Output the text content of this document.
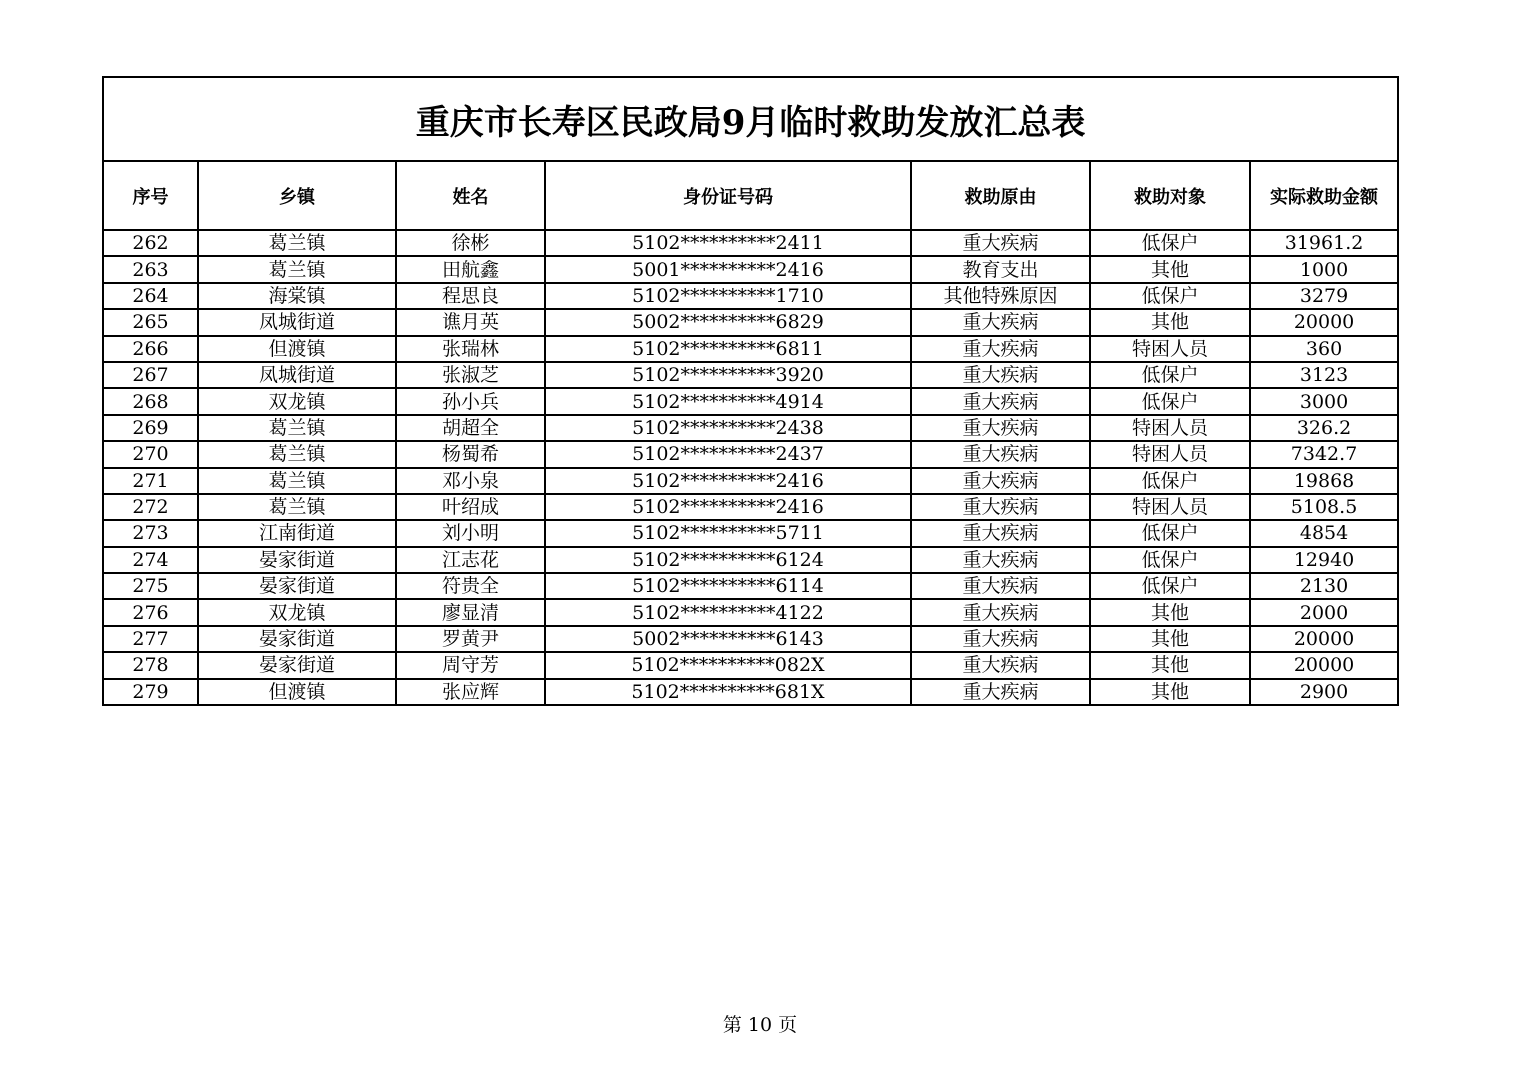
重庆市长寿区民政局9月临时救助发放汇总表						
序号	乡镇	姓名	身份证号码	救助原由	救助对象	实际救助金额
262	葛兰镇	徐彬	5102**********2411	重大疾病	低保户	31961.2
263	葛兰镇	田航鑫	5001**********2416	教育支出	其他	1000
264	海棠镇	程思良	5102**********1710	其他特殊原因	低保户	3279
265	凤城街道	谯月英	5002**********6829	重大疾病	其他	20000
266	但渡镇	张瑞林	5102**********6811	重大疾病	特困人员	360
267	凤城街道	张淑芝	5102**********3920	重大疾病	低保户	3123
268	双龙镇	孙小兵	5102**********4914	重大疾病	低保户	3000
269	葛兰镇	胡超全	5102**********2438	重大疾病	特困人员	326.2
270	葛兰镇	杨蜀希	5102**********2437	重大疾病	特困人员	7342.7
271	葛兰镇	邓小泉	5102**********2416	重大疾病	低保户	19868
272	葛兰镇	叶绍成	5102**********2416	重大疾病	特困人员	5108.5
273	江南街道	刘小明	5102**********5711	重大疾病	低保户	4854
274	晏家街道	江志花	5102**********6124	重大疾病	低保户	12940
275	晏家街道	符贵全	5102**********6114	重大疾病	低保户	2130
276	双龙镇	廖显清	5102**********4122	重大疾病	其他	2000
277	晏家街道	罗黄尹	5002**********6143	重大疾病	其他	20000
278	晏家街道	周守芳	5102**********082X	重大疾病	其他	20000
279	但渡镇	张应辉	5102**********681X	重大疾病	其他	2900
第 10 页
